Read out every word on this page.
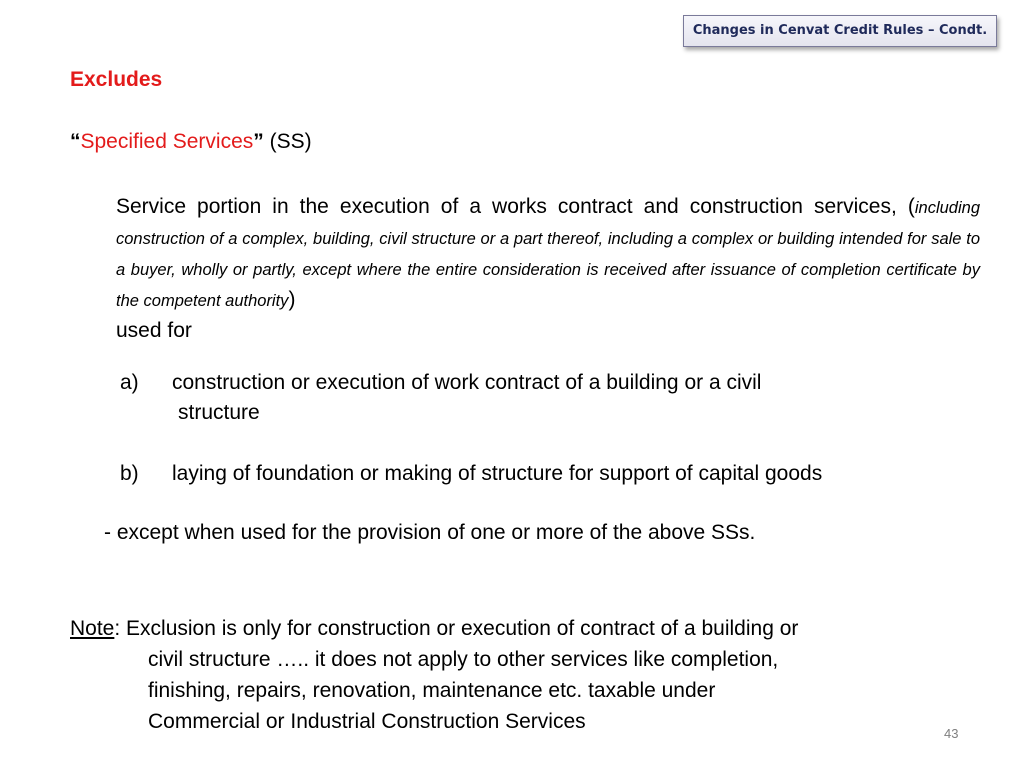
Changes in Cenvat Credit Rules – Condt.
Excludes
“Specified Services” (SS)
Service portion in the execution of a works contract and construction services, (including construction of a complex, building, civil structure or a part thereof, including a complex or building intended for sale to a buyer, wholly or partly, except where the entire consideration is received after issuance of completion certificate by the competent authority)
used for
a) construction or execution of work contract of a building or a civil
structure
b) laying of foundation or making of structure for support of capital goods
- except when used for the provision of one or more of the above SSs.
Note: Exclusion is only for construction or execution of contract of a building or
civil structure ….. it does not apply to other services like completion,
finishing, repairs, renovation, maintenance etc. taxable under
Commercial or Industrial Construction Services
43
